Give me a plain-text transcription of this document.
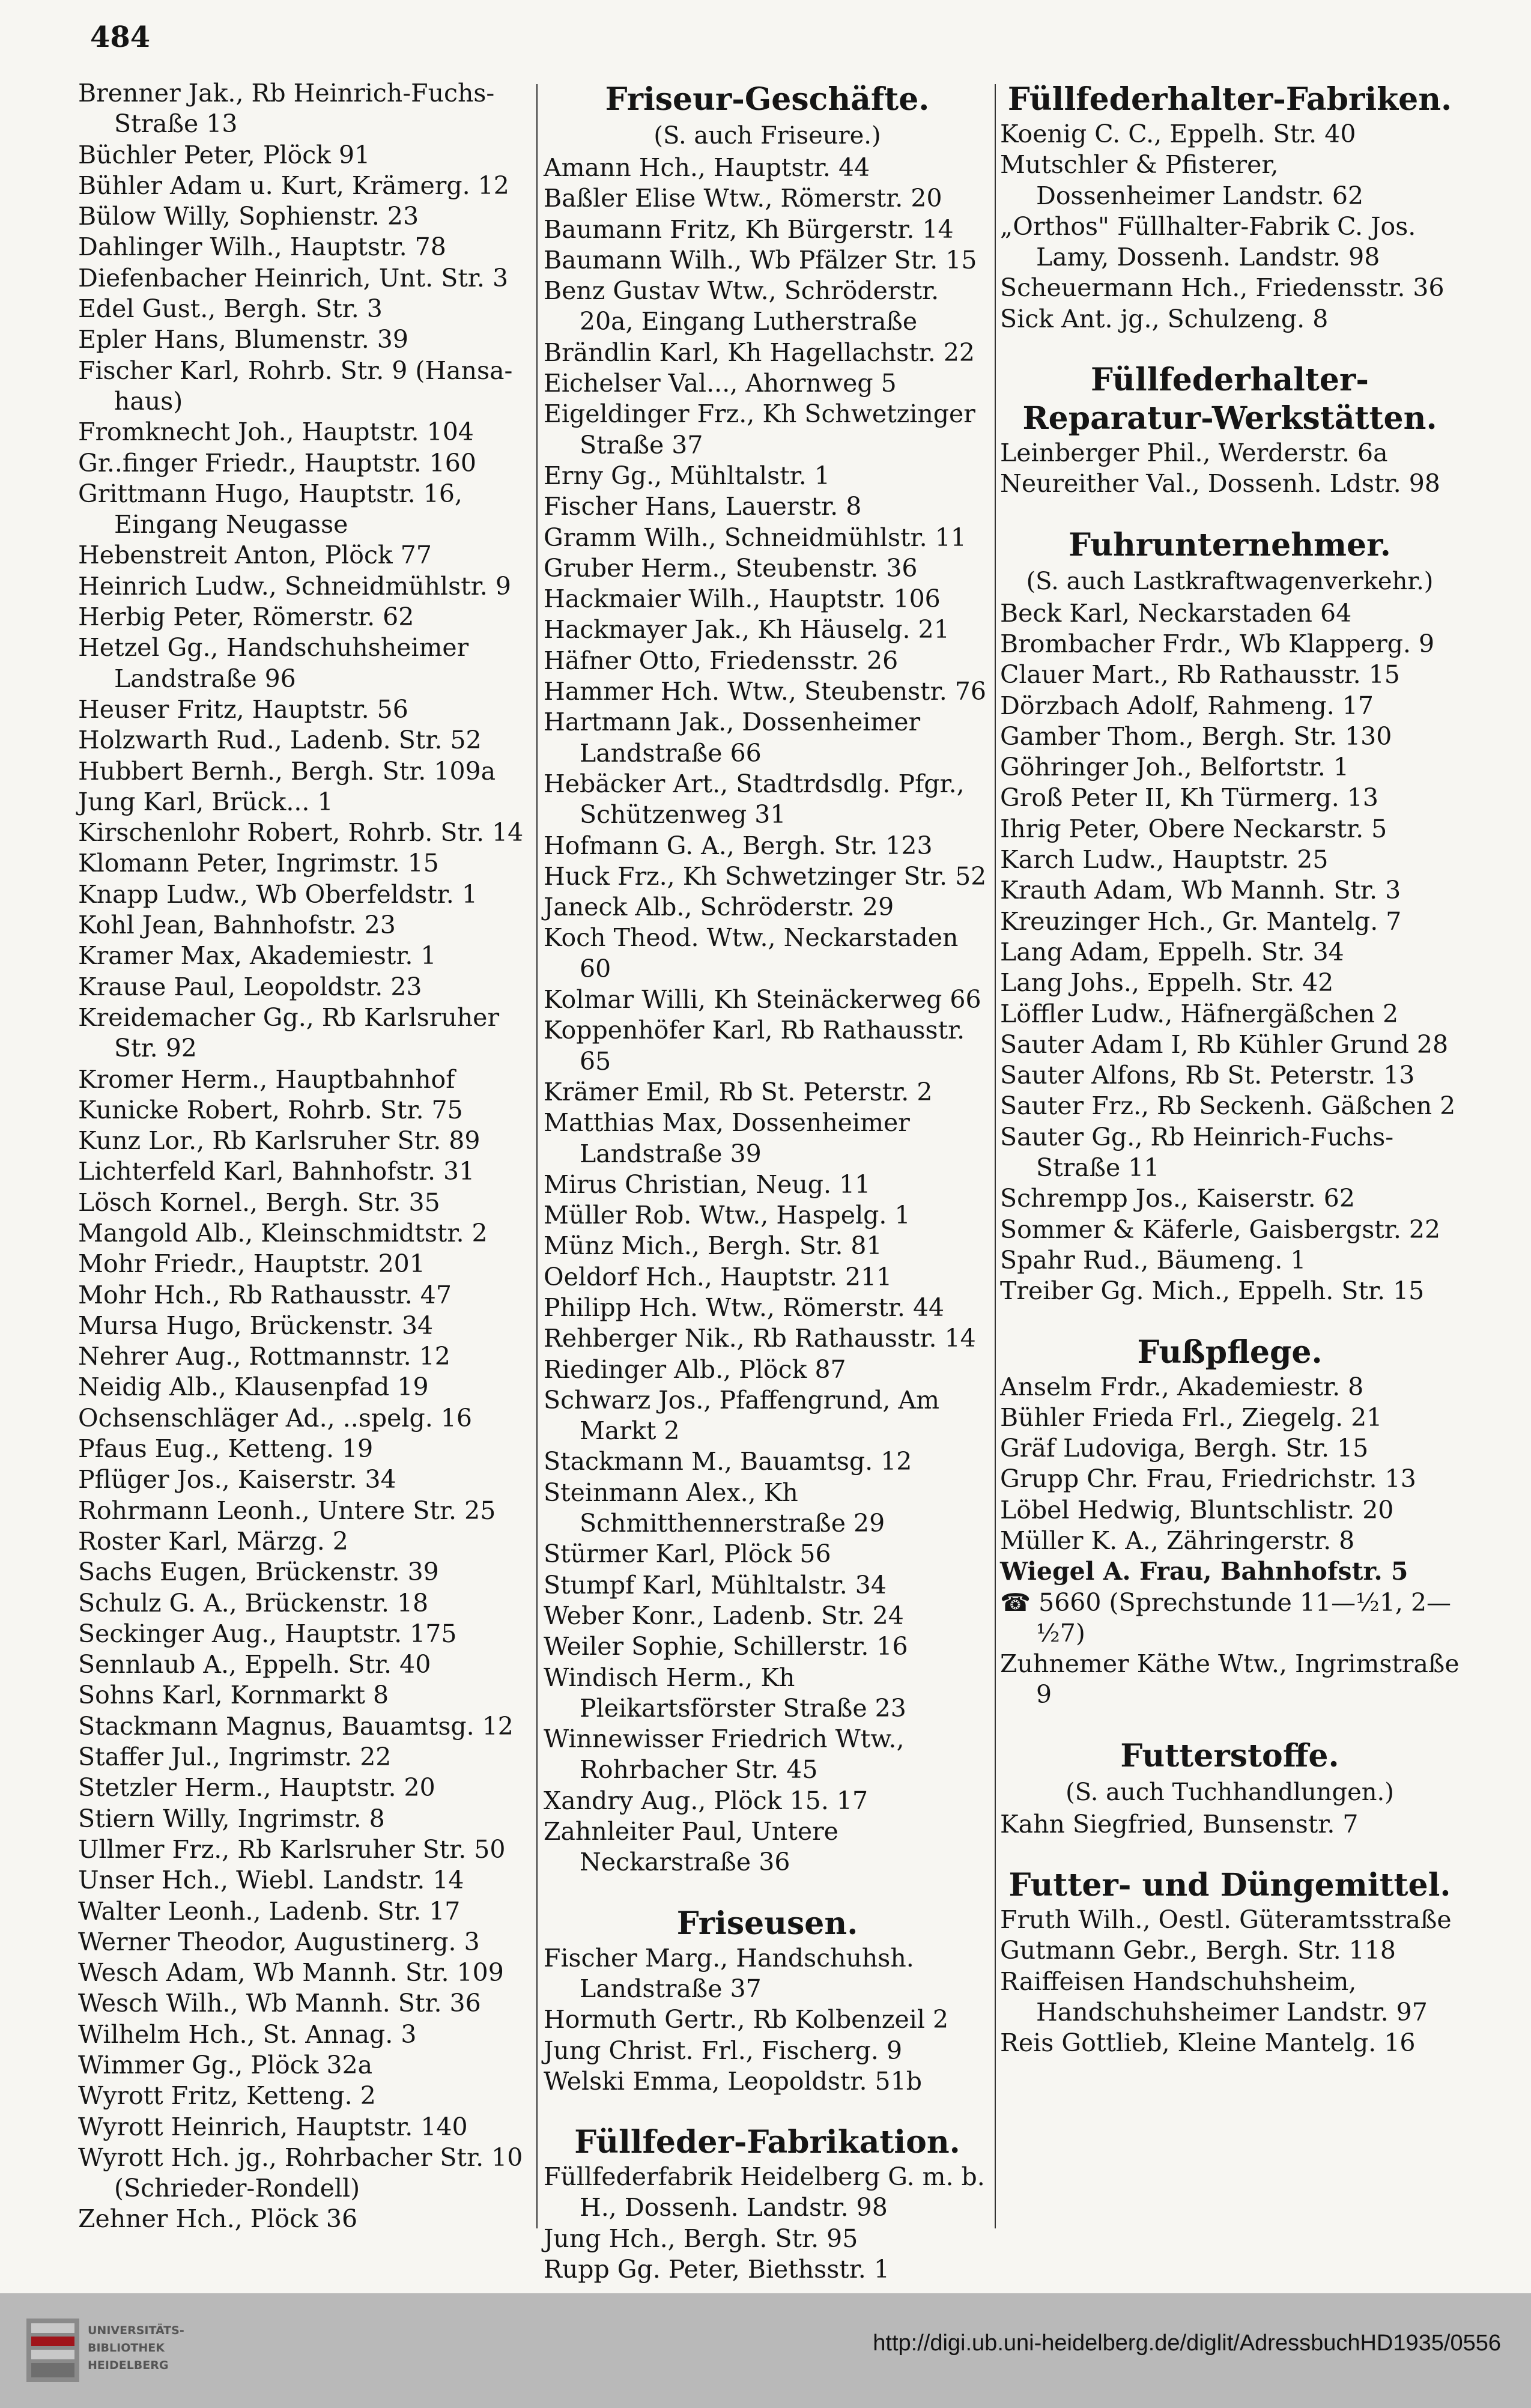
484
Brenner Jak., Rb Heinrich-Fuchs-Straße 13
Büchler Peter, Plöck 91
Bühler Adam u. Kurt, Krämerg. 12
Bülow Willy, Sophienstr. 23
Dahlinger Wilh., Hauptstr. 78
Diefenbacher Heinrich, Unt. Str. 3
Edel Gust., Bergh. Str. 3
Epler Hans, Blumenstr. 39
Fischer Karl, Rohrb. Str. 9 (Hansa-haus)
Fromknecht Joh., Hauptstr. 104
Gr..finger Friedr., Hauptstr. 160
Grittmann Hugo, Hauptstr. 16, Eingang Neugasse
Hebenstreit Anton, Plöck 77
Heinrich Ludw., Schneidmühlstr. 9
Herbig Peter, Römerstr. 62
Hetzel Gg., Handschuhsheimer Landstraße 96
Heuser Fritz, Hauptstr. 56
Holzwarth Rud., Ladenb. Str. 52
Hubbert Bernh., Bergh. Str. 109a
Jung Karl, Brück... 1
Kirschenlohr Robert, Rohrb. Str. 14
Klomann Peter, Ingrimstr. 15
Knapp Ludw., Wb Oberfeldstr. 1
Kohl Jean, Bahnhofstr. 23
Kramer Max, Akademiestr. 1
Krause Paul, Leopoldstr. 23
Kreidemacher Gg., Rb Karlsruher Str. 92
Kromer Herm., Hauptbahnhof
Kunicke Robert, Rohrb. Str. 75
Kunz Lor., Rb Karlsruher Str. 89
Lichterfeld Karl, Bahnhofstr. 31
Lösch Kornel., Bergh. Str. 35
Mangold Alb., Kleinschmidtstr. 2
Mohr Friedr., Hauptstr. 201
Mohr Hch., Rb Rathausstr. 47
Mursa Hugo, Brückenstr. 34
Nehrer Aug., Rottmannstr. 12
Neidig Alb., Klausenpfad 19
Ochsenschläger Ad., ..spelg. 16
Pfaus Eug., Ketteng. 19
Pflüger Jos., Kaiserstr. 34
Rohrmann Leonh., Untere Str. 25
Roster Karl, Märzg. 2
Sachs Eugen, Brückenstr. 39
Schulz G. A., Brückenstr. 18
Seckinger Aug., Hauptstr. 175
Sennlaub A., Eppelh. Str. 40
Sohns Karl, Kornmarkt 8
Stackmann Magnus, Bauamtsg. 12
Staffer Jul., Ingrimstr. 22
Stetzler Herm., Hauptstr. 20
Stiern Willy, Ingrimstr. 8
Ullmer Frz., Rb Karlsruher Str. 50
Unser Hch., Wiebl. Landstr. 14
Walter Leonh., Ladenb. Str. 17
Werner Theodor, Augustinerg. 3
Wesch Adam, Wb Mannh. Str. 109
Wesch Wilh., Wb Mannh. Str. 36
Wilhelm Hch., St. Annag. 3
Wimmer Gg., Plöck 32a
Wyrott Fritz, Ketteng. 2
Wyrott Heinrich, Hauptstr. 140
Wyrott Hch. jg., Rohrbacher Str. 10 (Schrieder-Rondell)
Zehner Hch., Plöck 36
Friseur-Geschäfte.
(S. auch Friseure.)
Amann Hch., Hauptstr. 44
Baßler Elise Wtw., Römerstr. 20
Baumann Fritz, Kh Bürgerstr. 14
Baumann Wilh., Wb Pfälzer Str. 15
Benz Gustav Wtw., Schröderstr. 20a, Eingang Lutherstraße
Brändlin Karl, Kh Hagellachstr. 22
Eichelser Val..., Ahornweg 5
Eigeldinger Frz., Kh Schwetzinger Straße 37
Erny Gg., Mühltalstr. 1
Fischer Hans, Lauerstr. 8
Gramm Wilh., Schneidmühlstr. 11
Gruber Herm., Steubenstr. 36
Hackmaier Wilh., Hauptstr. 106
Hackmayer Jak., Kh Häuselg. 21
Häfner Otto, Friedensstr. 26
Hammer Hch. Wtw., Steubenstr. 76
Hartmann Jak., Dossenheimer Landstraße 66
Hebäcker Art., Stadtrdsdlg. Pfgr., Schützenweg 31
Hofmann G. A., Bergh. Str. 123
Huck Frz., Kh Schwetzinger Str. 52
Janeck Alb., Schröderstr. 29
Koch Theod. Wtw., Neckarstaden 60
Kolmar Willi, Kh Steinäckerweg 66
Koppenhöfer Karl, Rb Rathausstr. 65
Krämer Emil, Rb St. Peterstr. 2
Matthias Max, Dossenheimer Landstraße 39
Mirus Christian, Neug. 11
Müller Rob. Wtw., Haspelg. 1
Münz Mich., Bergh. Str. 81
Oeldorf Hch., Hauptstr. 211
Philipp Hch. Wtw., Römerstr. 44
Rehberger Nik., Rb Rathausstr. 14
Riedinger Alb., Plöck 87
Schwarz Jos., Pfaffengrund, Am Markt 2
Stackmann M., Bauamtsg. 12
Steinmann Alex., Kh Schmitthennerstraße 29
Stürmer Karl, Plöck 56
Stumpf Karl, Mühltalstr. 34
Weber Konr., Ladenb. Str. 24
Weiler Sophie, Schillerstr. 16
Windisch Herm., Kh Pleikartsförster Straße 23
Winnewisser Friedrich Wtw., Rohrbacher Str. 45
Xandry Aug., Plöck 15. 17
Zahnleiter Paul, Untere Neckarstraße 36
Friseusen.
Fischer Marg., Handschuhsh. Landstraße 37
Hormuth Gertr., Rb Kolbenzeil 2
Jung Christ. Frl., Fischerg. 9
Welski Emma, Leopoldstr. 51b
Füllfeder-Fabrikation.
Füllfederfabrik Heidelberg G. m. b. H., Dossenh. Landstr. 98
Jung Hch., Bergh. Str. 95
Rupp Gg. Peter, Biethsstr. 1
Füllfederhalter-Fabriken.
Koenig C. C., Eppelh. Str. 40
Mutschler & Pfisterer, Dossenheimer Landstr. 62
„Orthos" Füllhalter-Fabrik C. Jos. Lamy, Dossenh. Landstr. 98
Scheuermann Hch., Friedensstr. 36
Sick Ant. jg., Schulzeng. 8
Füllfederhalter-Reparatur-Werkstätten.
Leinberger Phil., Werderstr. 6a
Neureither Val., Dossenh. Ldstr. 98
Fuhrunternehmer.
(S. auch Lastkraftwagenverkehr.)
Beck Karl, Neckarstaden 64
Brombacher Frdr., Wb Klapperg. 9
Clauer Mart., Rb Rathausstr. 15
Dörzbach Adolf, Rahmeng. 17
Gamber Thom., Bergh. Str. 130
Göhringer Joh., Belfortstr. 1
Groß Peter II, Kh Türmerg. 13
Ihrig Peter, Obere Neckarstr. 5
Karch Ludw., Hauptstr. 25
Krauth Adam, Wb Mannh. Str. 3
Kreuzinger Hch., Gr. Mantelg. 7
Lang Adam, Eppelh. Str. 34
Lang Johs., Eppelh. Str. 42
Löffler Ludw., Häfnergäßchen 2
Sauter Adam I, Rb Kühler Grund 28
Sauter Alfons, Rb St. Peterstr. 13
Sauter Frz., Rb Seckenh. Gäßchen 2
Sauter Gg., Rb Heinrich-Fuchs-Straße 11
Schrempp Jos., Kaiserstr. 62
Sommer & Käferle, Gaisbergstr. 22
Spahr Rud., Bäumeng. 1
Treiber Gg. Mich., Eppelh. Str. 15
Fußpflege.
Anselm Frdr., Akademiestr. 8
Bühler Frieda Frl., Ziegelg. 21
Gräf Ludoviga, Bergh. Str. 15
Grupp Chr. Frau, Friedrichstr. 13
Löbel Hedwig, Bluntschlistr. 20
Müller K. A., Zähringerstr. 8
Wiegel A. Frau, Bahnhofstr. 5
☎ 5660 (Sprechstunde 11—½1, 2—½7)
Zuhnemer Käthe Wtw., Ingrimstraße 9
Futterstoffe.
(S. auch Tuchhandlungen.)
Kahn Siegfried, Bunsenstr. 7
Futter- und Düngemittel.
Fruth Wilh., Oestl. Güteramtsstraße
Gutmann Gebr., Bergh. Str. 118
Raiffeisen Handschuhsheim, Handschuhsheimer Landstr. 97
Reis Gottlieb, Kleine Mantelg. 16
UNIVERSITÄTS-
BIBLIOTHEK
HEIDELBERG
http://digi.ub.uni-heidelberg.de/diglit/AdressbuchHD1935/0556
